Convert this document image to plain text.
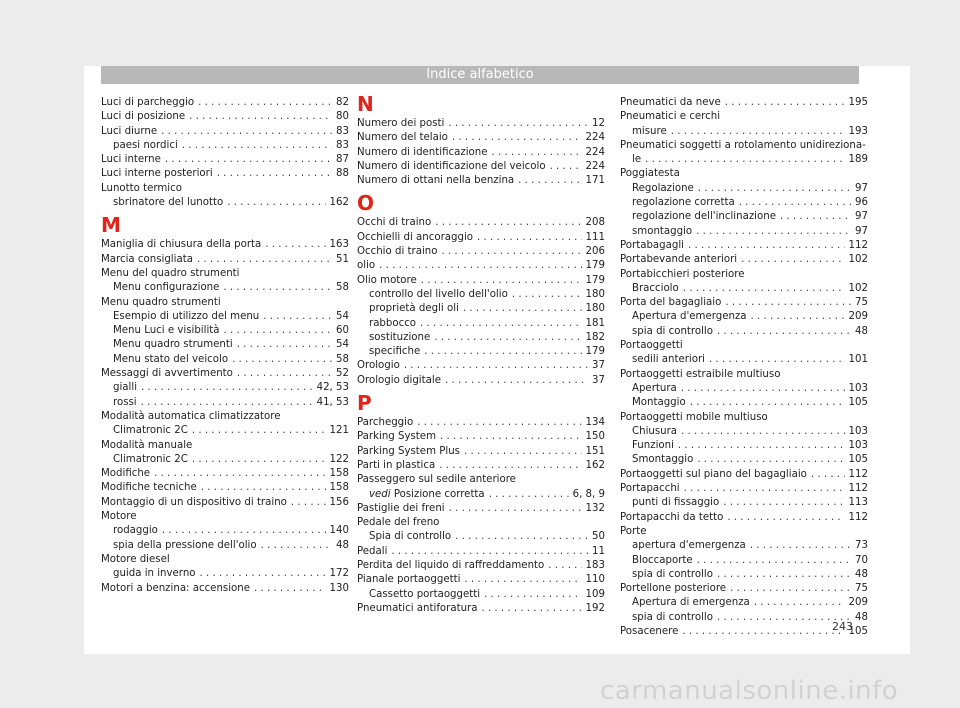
Indice alfabetico
Luci di parcheggio . . .	82
Luci di posizione . . .	80
Luci diurne . . .	83
paesi nordici . . .	83
Luci interne . . .	87
Luci interne posteriori . . .	88
Lunotto termico
sbrinatore del lunotto . . .	162
M
Maniglia di chiusura della porta . . .	163
Marcia consigliata . . .	51
Menu del quadro strumenti
Menu configurazione . . .	58
Menu quadro strumenti
Esempio di utilizzo del menu . . .	54
Menu Luci e visibilità . . .	60
Menu quadro strumenti . . .	54
Menu stato del veicolo . . .	58
Messaggi di avvertimento . . .	52
gialli . . .	42, 53
rossi . . .	41, 53
Modalità automatica climatizzatore
Climatronic 2C . . .	121
Modalità manuale
Climatronic 2C . . .	122
Modifiche . . .	158
Modifiche tecniche . . .	158
Montaggio di un dispositivo di traino . . .	156
Motore
rodaggio . . .	140
spia della pressione dell'olio . . .	48
Motore diesel
guida in inverno . . .	172
Motori a benzina: accensione . . .	130
N
Numero dei posti . . .	12
Numero del telaio . . .	224
Numero di identificazione . . .	224
Numero di identificazione del veicolo . . .	224
Numero di ottani nella benzina . . .	171
O
Occhi di traino . . .	208
Occhielli di ancoraggio . . .	111
Occhio di traino . . .	206
olio . . .	179
Olio motore . . .	179
controllo del livello dell'olio . . .	180
proprietà degli oli . . .	180
rabbocco . . .	181
sostituzione . . .	182
specifiche . . .	179
Orologio . . .	37
Orologio digitale . . .	37
P
Parcheggio . . .	134
Parking System . . .	150
Parking System Plus . . .	151
Parti in plastica . . .	162
Passeggero sul sedile anteriore
vedi Posizione corretta . . .	6, 8, 9
Pastiglie dei freni . . .	132
Pedale del freno
Spia di controllo . . .	50
Pedali . . .	11
Perdita del liquido di raffreddamento . . .	183
Pianale portaoggetti . . .	110
Cassetto portaoggetti . . .	109
Pneumatici antiforatura . . .	192
Pneumatici da neve . . .	195
Pneumatici e cerchi
misure . . .	193
Pneumatici soggetti a rotolamento unidireziona-
le . . .	189
Poggiatesta
Regolazione . . .	97
regolazione corretta . . .	96
regolazione dell'inclinazione . . .	97
smontaggio . . .	97
Portabagagli . . .	112
Portabevande anteriori . . .	102
Portabicchieri posteriore
Bracciolo . . .	102
Porta del bagagliaio . . .	75
Apertura d'emergenza . . .	209
spia di controllo . . .	48
Portaoggetti
sedili anteriori . . .	101
Portaoggetti estraibile multiuso
Apertura . . .	103
Montaggio . . .	105
Portaoggetti mobile multiuso
Chiusura . . .	103
Funzioni . . .	103
Smontaggio . . .	105
Portaoggetti sul piano del bagagliaio . . .	112
Portapacchi . . .	112
punti di fissaggio . . .	113
Portapacchi da tetto . . .	112
Porte
apertura d'emergenza . . .	73
Bloccaporte . . .	70
spia di controllo . . .	48
Portellone posteriore . . .	75
Apertura di emergenza . . .	209
spia di controllo . . .	48
Posacenere . . .	105
243
carmanualsonline.info
